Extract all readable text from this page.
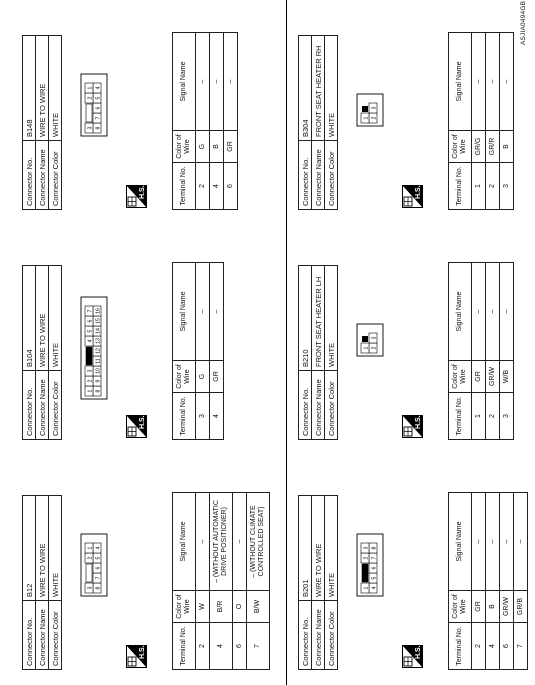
Connector No.	B12
Connector Name	WIRE TO WIRE
Connector Color	WHITE
H.S.
8
7
6
5
4
3
2
1
Terminal No.	Color of Wire	Signal Name
2	W	–
4	B/R	– (WITHOUT AUTOMATIC DRIVE POSITIONER)
6	O	–
7	B/W	– (WITHOUT CLIMATE CONTROLLED SEAT)
Connector No.	B104
Connector Name	WIRE TO WIRE
Connector Color	WHITE
H.S.
8
9
10
11
12
13
14
15
16
1
2
3
4
5
6
7
Terminal No.	Color of Wire	Signal Name
3	G	–
4	GR	–
Connector No.	B148
Connector Name	WIRE TO WIRE
Connector Color	WHITE
H.S.
8
7
6
5
4
3
2
1
Terminal No.	Color of Wire	Signal Name
2	G	–
4	B	–
6	GR	–
Connector No.	B201
Connector Name	WIRE TO WIRE
Connector Color	WHITE
H.S.
4
5
6
7
8
1
2
3
Terminal No.	Color of Wire	Signal Name
2	GR	–
4	B	–
6	GR/W	–
7	GR/B	–
Connector No.	B210
Connector Name	FRONT SEAT HEATER LH
Connector Color	WHITE
H.S.
2
3
1
Terminal No.	Color of Wire	Signal Name
1	GR	–
2	GR/W	–
3	W/B	–
Connector No.	B304
Connector Name	FRONT SEAT HEATER RH
Connector Color	WHITE
H.S.
2
3
1
Terminal No.	Color of Wire	Signal Name
1	GR/G	–
2	GR/R	–
3	B	–
ASJIA0494GB
